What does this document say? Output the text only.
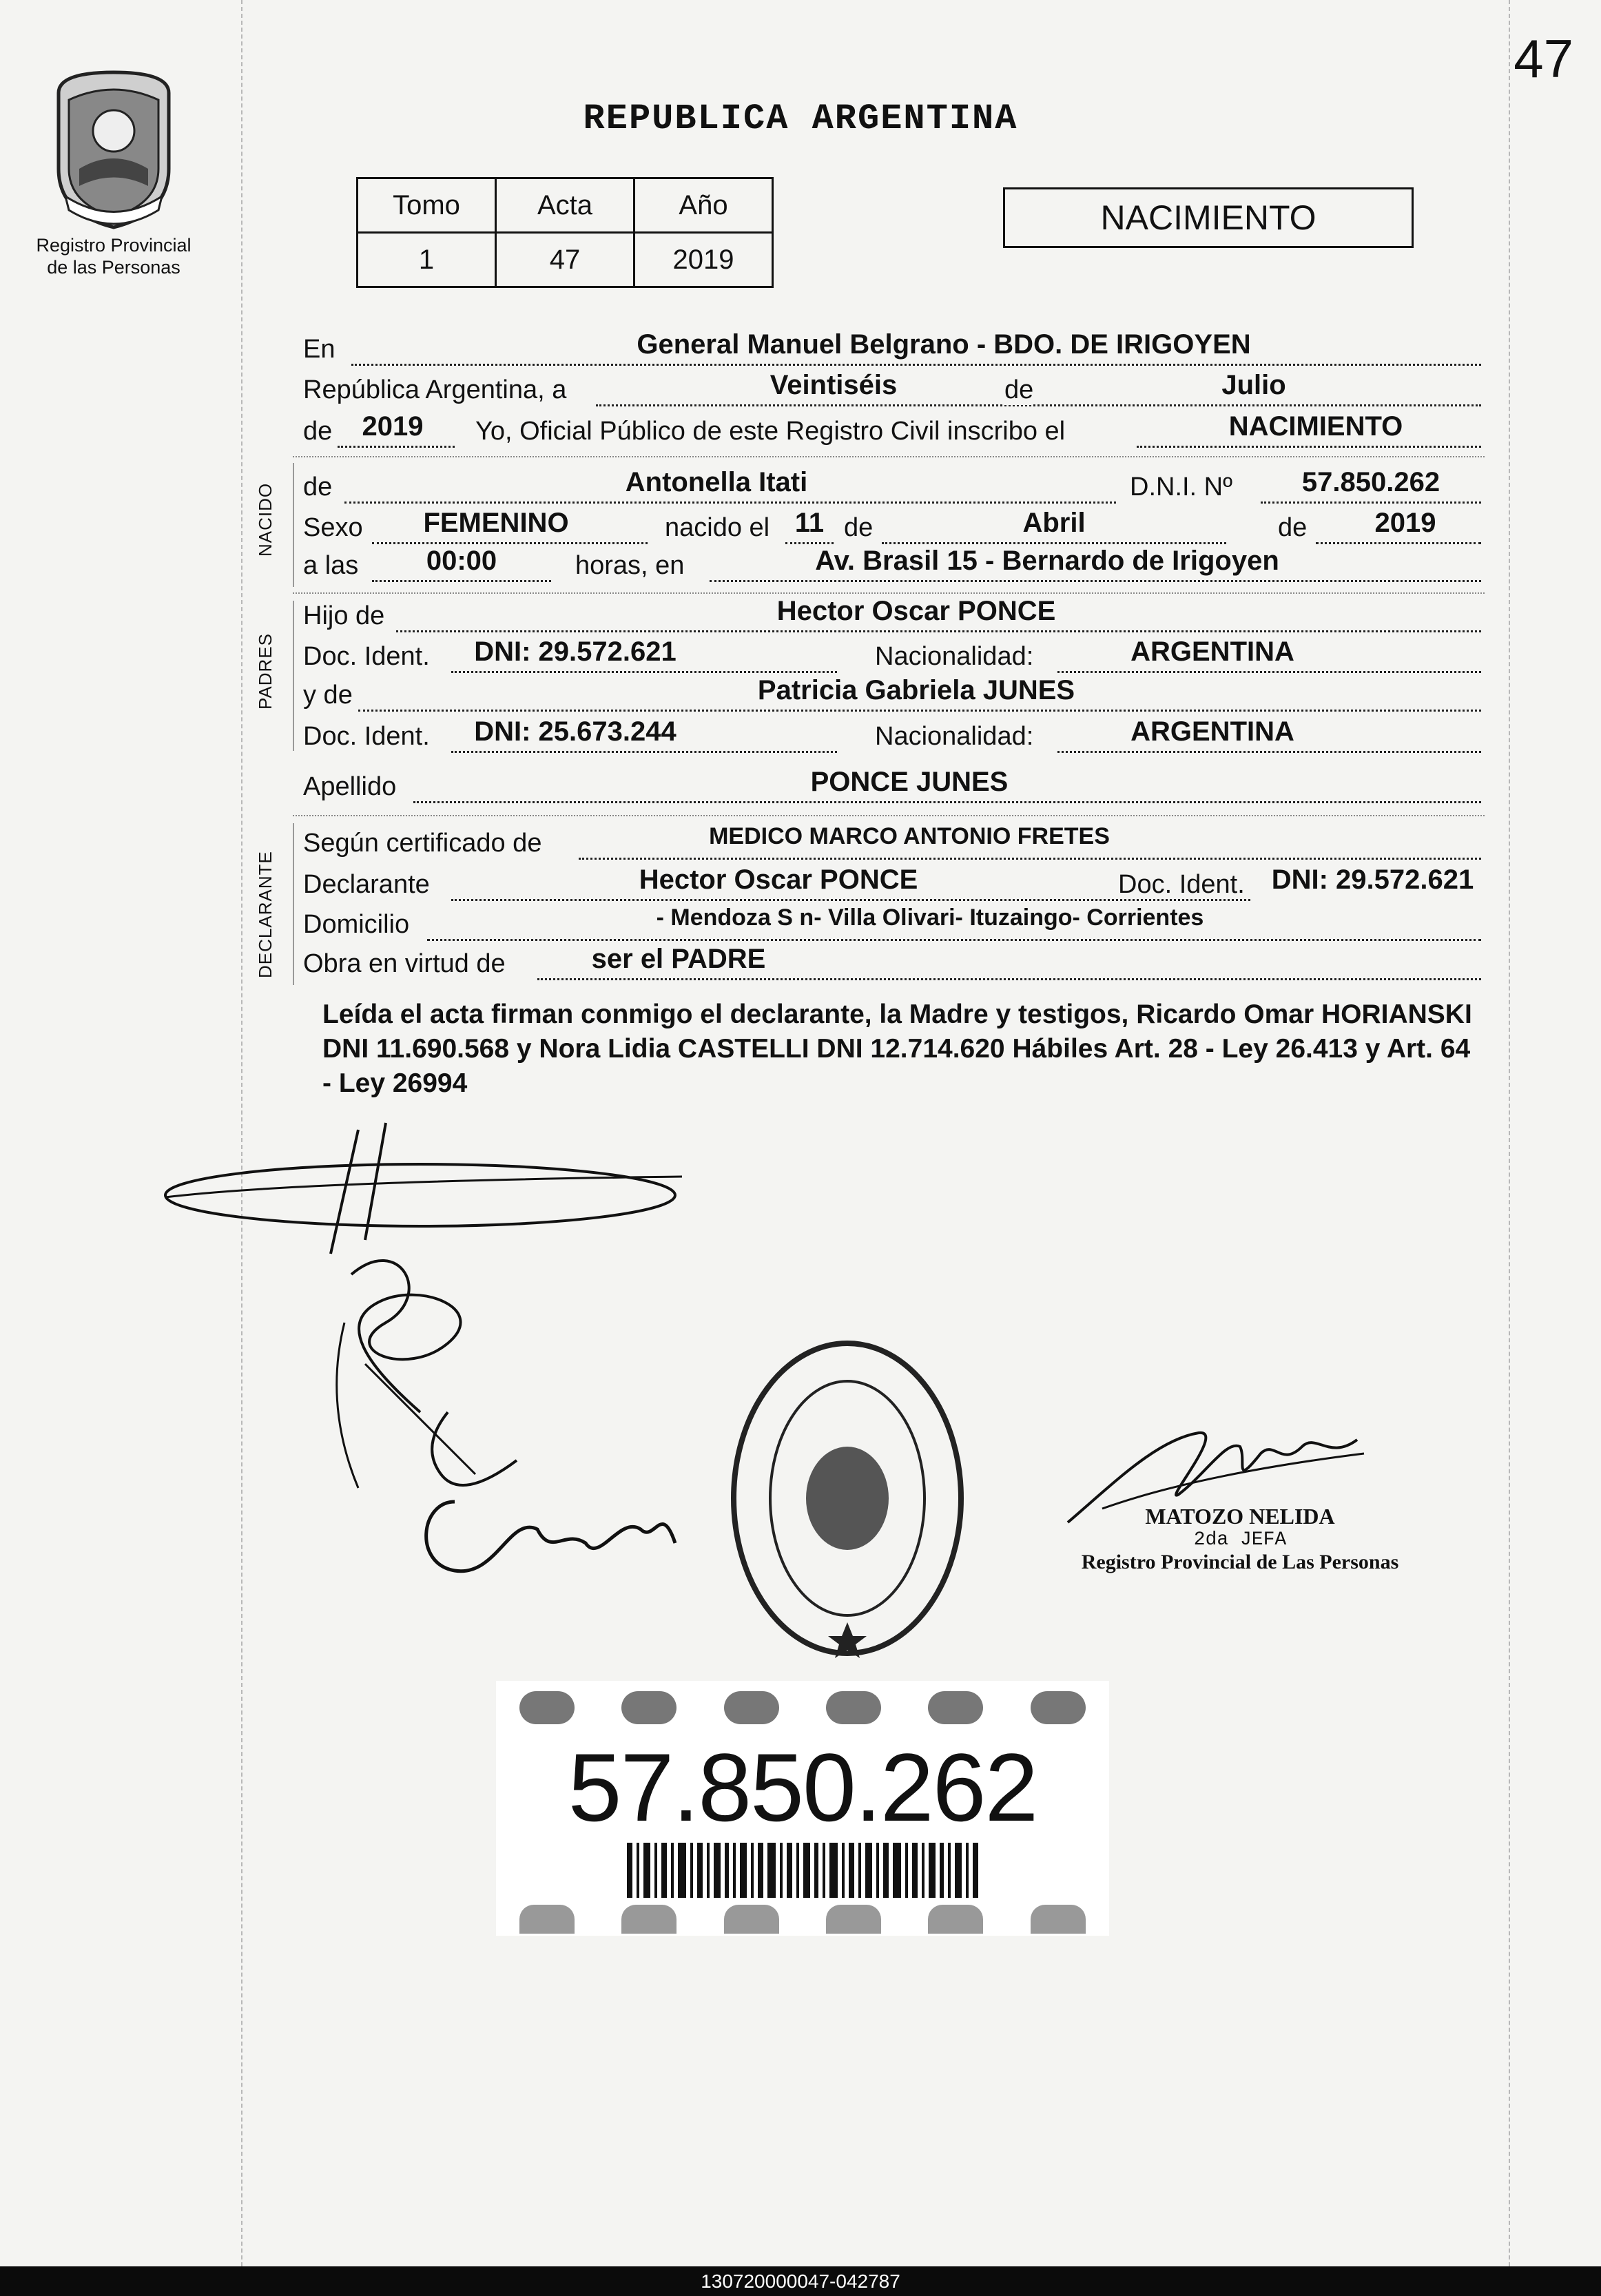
47
Registro Provincial
de las Personas
REPUBLICA ARGENTINA
Tomo	Acta	Año
1	47	2019
NACIMIENTO
En	General Manuel Belgrano - BDO. DE IRIGOYEN
República Argentina, a	Veintiséis	de	Julio
de	2019	Yo, Oficial Público de este Registro Civil inscribo el	NACIMIENTO
NACIDO de	Antonella Itati	D.N.I. Nº	57.850.262
Sexo	FEMENINO	nacido el 11 de	Abril	de	2019
a las	00:00	horas, en	Av. Brasil 15 - Bernardo de Irigoyen
PADRES
Hijo de	Hector Oscar PONCE
Doc. Ident.	DNI: 29.572.621	Nacionalidad:	ARGENTINA
y de	Patricia Gabriela JUNES
Doc. Ident.	DNI: 25.673.244	Nacionalidad:	ARGENTINA
Apellido	PONCE JUNES
DECLARANTE
Según certificado de	MEDICO MARCO ANTONIO FRETES
Declarante	Hector Oscar PONCE	Doc. Ident. DNI: 29.572.621
Domicilio	- Mendoza S n- Villa Olivari- Ituzaingo- Corrientes
Obra en virtud de	ser el PADRE
Leída el acta firman conmigo el declarante, la Madre y testigos, Ricardo Omar HORIANSKI DNI 11.690.568 y Nora Lidia CASTELLI DNI 12.714.620 Hábiles Art. 28 - Ley 26.413 y Art. 64 - Ley 26994
MATOZO NELIDA
2da JEFA
Registro Provincial de Las Personas
57.850.262
130720000047-042787
